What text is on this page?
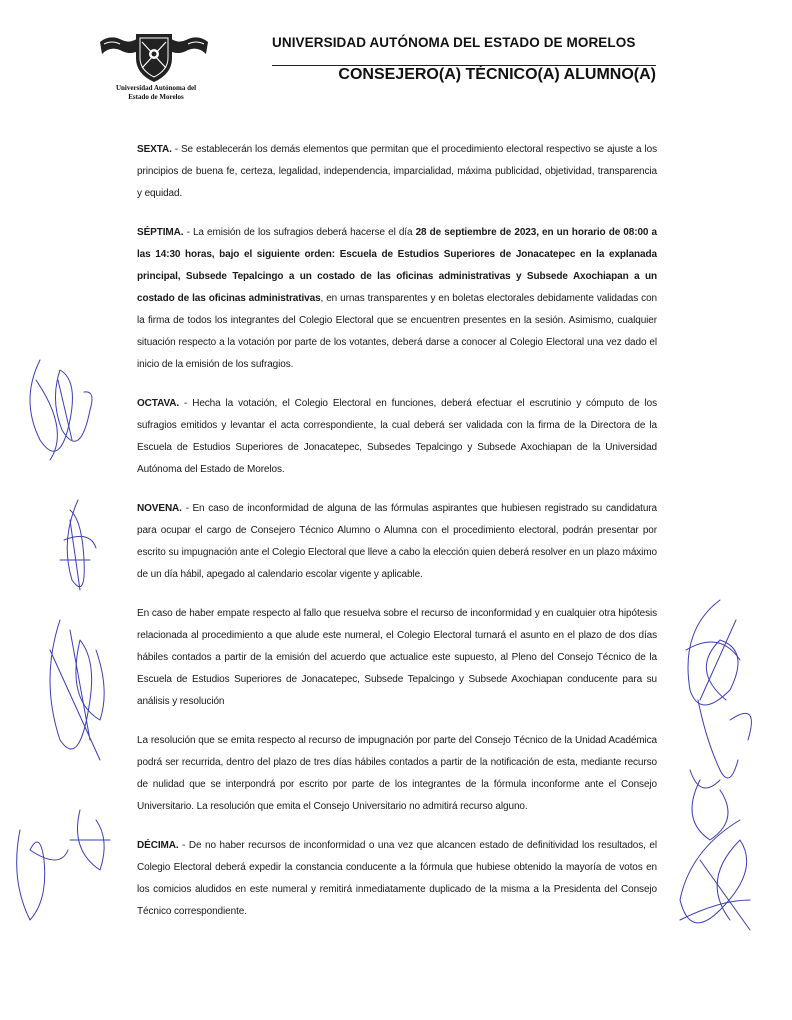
Universidad Autónoma del
Estado de Morelos
UNIVERSIDAD AUTÓNOMA DEL ESTADO DE MORELOS
CONSEJERO(A) TÉCNICO(A) ALUMNO(A)

SEXTA. - Se establecerán los demás elementos que permitan que el procedimiento electoral respectivo se ajuste a los principios de buena fe, certeza, legalidad, independencia, imparcialidad, máxima publicidad, objetividad, transparencia y equidad.

SÉPTIMA. - La emisión de los sufragios deberá hacerse el día 28 de septiembre de 2023, en un horario de 08:00 a las 14:30 horas, bajo el siguiente orden: Escuela de Estudios Superiores de Jonacatepec en la explanada principal, Subsede Tepalcingo a un costado de las oficinas administrativas y Subsede Axochiapan a un costado de las oficinas administrativas, en urnas transparentes y en boletas electorales debidamente validadas con la firma de todos los integrantes del Colegio Electoral que se encuentren presentes en la sesión. Asimismo, cualquier situación respecto a la votación por parte de los votantes, deberá darse a conocer al Colegio Electoral una vez dado el inicio de la emisión de los sufragios.

OCTAVA. - Hecha la votación, el Colegio Electoral en funciones, deberá efectuar el escrutinio y cómputo de los sufragios emitidos y levantar el acta correspondiente, la cual deberá ser validada con la firma de la Directora de la Escuela de Estudios Superiores de Jonacatepec, Subsedes Tepalcingo y Subsede Axochiapan de la Universidad Autónoma del Estado de Morelos.

NOVENA. - En caso de inconformidad de alguna de las fórmulas aspirantes que hubiesen registrado su candidatura para ocupar el cargo de Consejero Técnico Alumno o Alumna con el procedimiento electoral, podrán presentar por escrito su impugnación ante el Colegio Electoral que lleve a cabo la elección quien deberá resolver en un plazo máximo de un día hábil, apegado al calendario escolar vigente y aplicable.

En caso de haber empate respecto al fallo que resuelva sobre el recurso de inconformidad y en cualquier otra hipótesis relacionada al procedimiento a que alude este numeral, el Colegio Electoral turnará el asunto en el plazo de dos días hábiles contados a partir de la emisión del acuerdo que actualice este supuesto, al Pleno del Consejo Técnico de la Escuela de Estudios Superiores de Jonacatepec, Subsede Tepalcingo y Subsede Axochiapan conducente para su análisis y resolución

La resolución que se emita respecto al recurso de impugnación por parte del Consejo Técnico de la Unidad Académica podrá ser recurrida, dentro del plazo de tres días hábiles contados a partir de la notificación de esta, mediante recurso de nulidad que se interpondrá por escrito por parte de los integrantes de la fórmula inconforme ante el Consejo Universitario. La resolución que emita el Consejo Universitario no admitirá recurso alguno.

DÉCIMA. - De no haber recursos de inconformidad o una vez que alcancen estado de definitividad los resultados, el Colegio Electoral deberá expedir la constancia conducente a la fórmula que hubiese obtenido la mayoría de votos en los comicios aludidos en este numeral y remitirá inmediatamente duplicado de la misma a la Presidenta del Consejo Técnico correspondiente.
